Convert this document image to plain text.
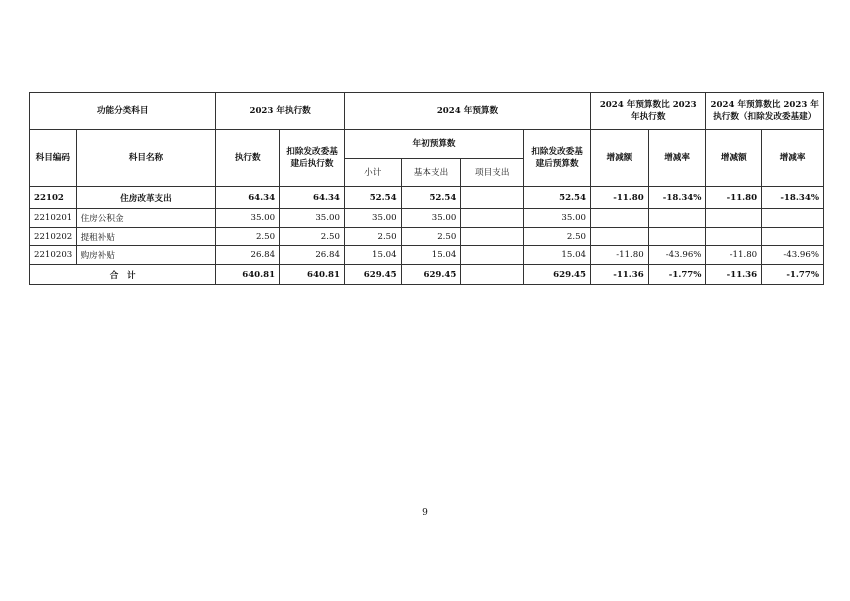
功能分类科目		2023 年执行数		2024 年预算数				2024 年预算数比 2023 年执行数		2024 年预算数比 2023 年执行数（扣除发改委基建）	
科目编码	科目名称	执行数	扣除发改委基建后执行数	年初预算数			扣除发改委基建后预算数	增减额	增减率	增减额	增减率
				小计	基本支出	项目支出					
22102	住房改革支出	64.34	64.34	52.54	52.54		52.54	-11.80	-18.34%	-11.80	-18.34%
2210201	住房公积金	35.00	35.00	35.00	35.00		35.00				
2210202	提租补贴	2.50	2.50	2.50	2.50		2.50				
2210203	购房补贴	26.84	26.84	15.04	15.04		15.04	-11.80	-43.96%	-11.80	-43.96%
合　计		640.81	640.81	629.45	629.45		629.45	-11.36	-1.77%	-11.36	-1.77%
9
